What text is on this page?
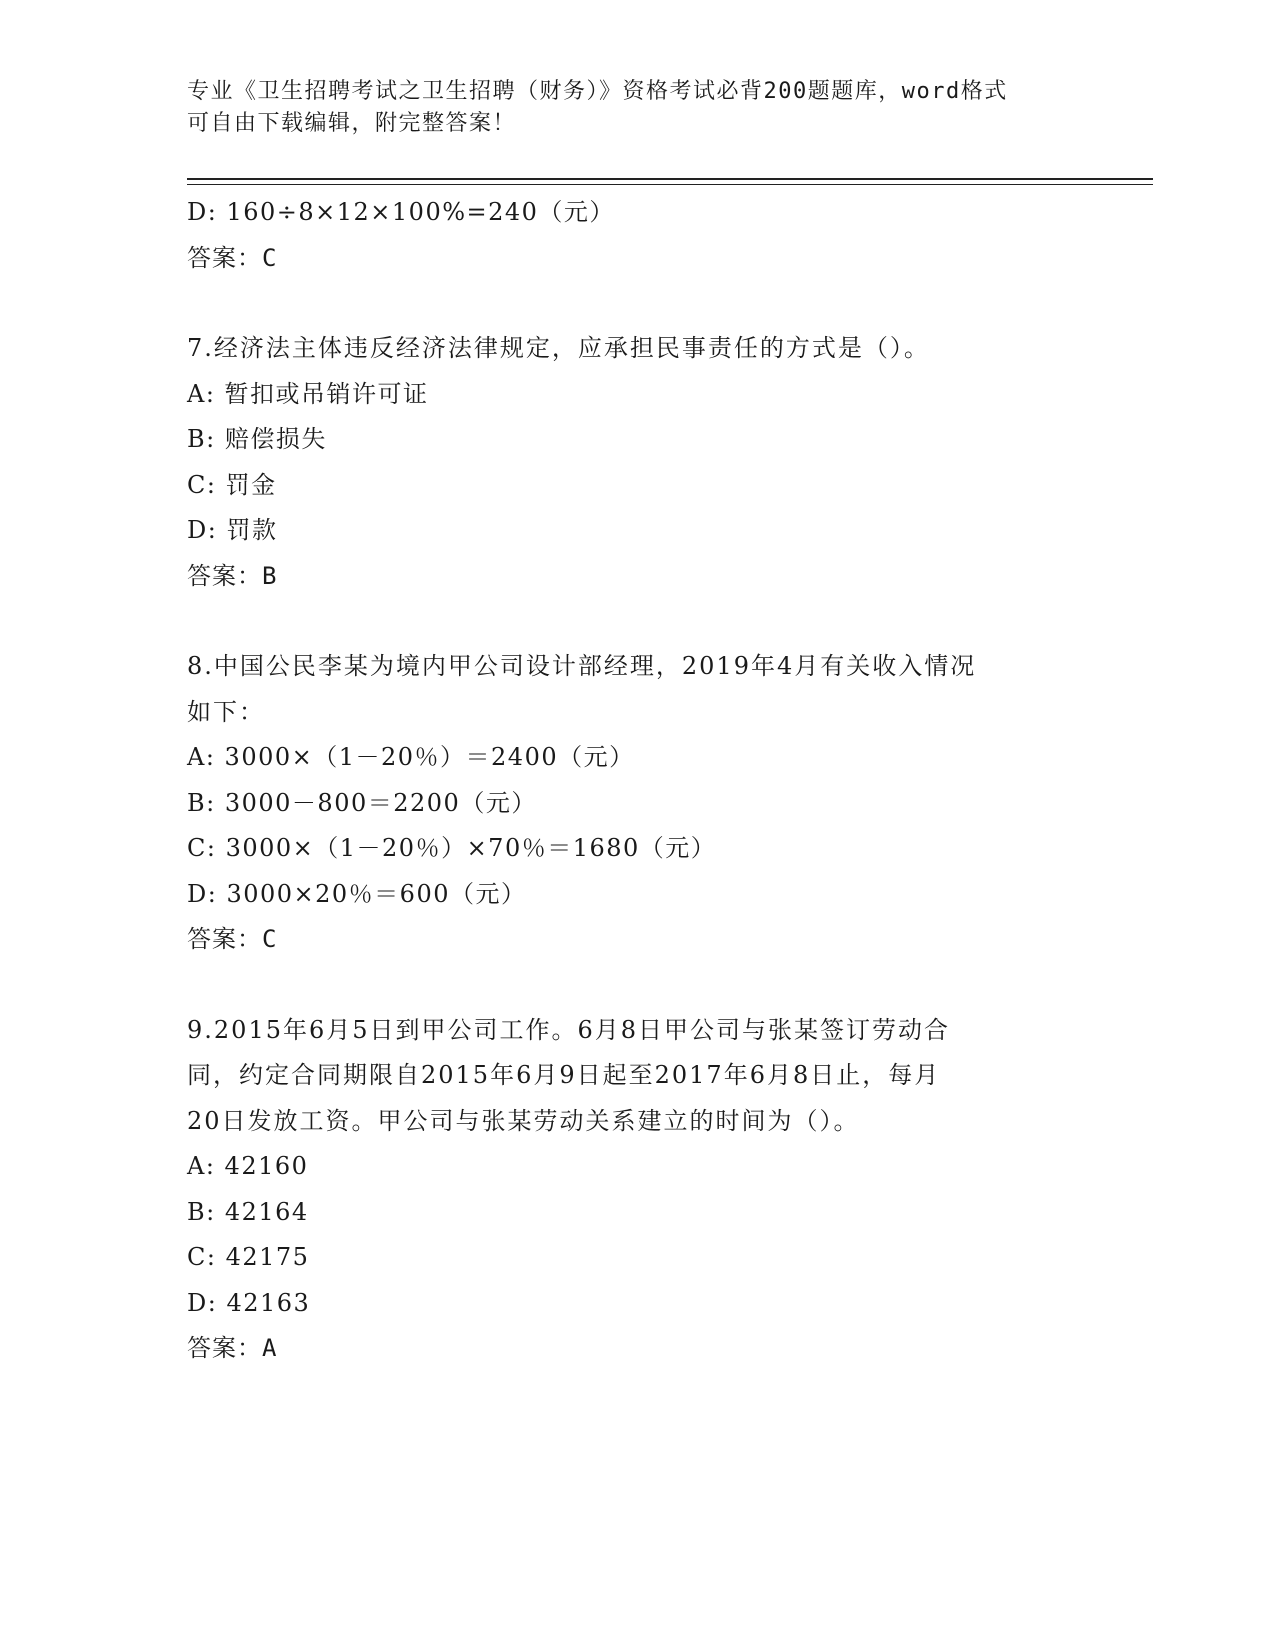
专业《卫生招聘考试之卫生招聘（财务）》资格考试必背200题题库，word格式
可自由下载编辑，附完整答案！
D: 160÷8×12×100%=240（元）
答案：C
7.经济法主体违反经济法律规定，应承担民事责任的方式是（）。
A: 暂扣或吊销许可证
B: 赔偿损失
C: 罚金
D: 罚款
答案：B
8.中国公民李某为境内甲公司设计部经理，2019年4月有关收入情况
如下：
A: 3000×（1－20％）＝2400（元）
B: 3000－800＝2200（元）
C: 3000×（1－20％）×70％＝1680（元）
D: 3000×20％＝600（元）
答案：C
9.2015年6月5日到甲公司工作。6月8日甲公司与张某签订劳动合
同，约定合同期限自2015年6月9日起至2017年6月8日止，每月
20日发放工资。甲公司与张某劳动关系建立的时间为（）。
A: 42160
B: 42164
C: 42175
D: 42163
答案：A
